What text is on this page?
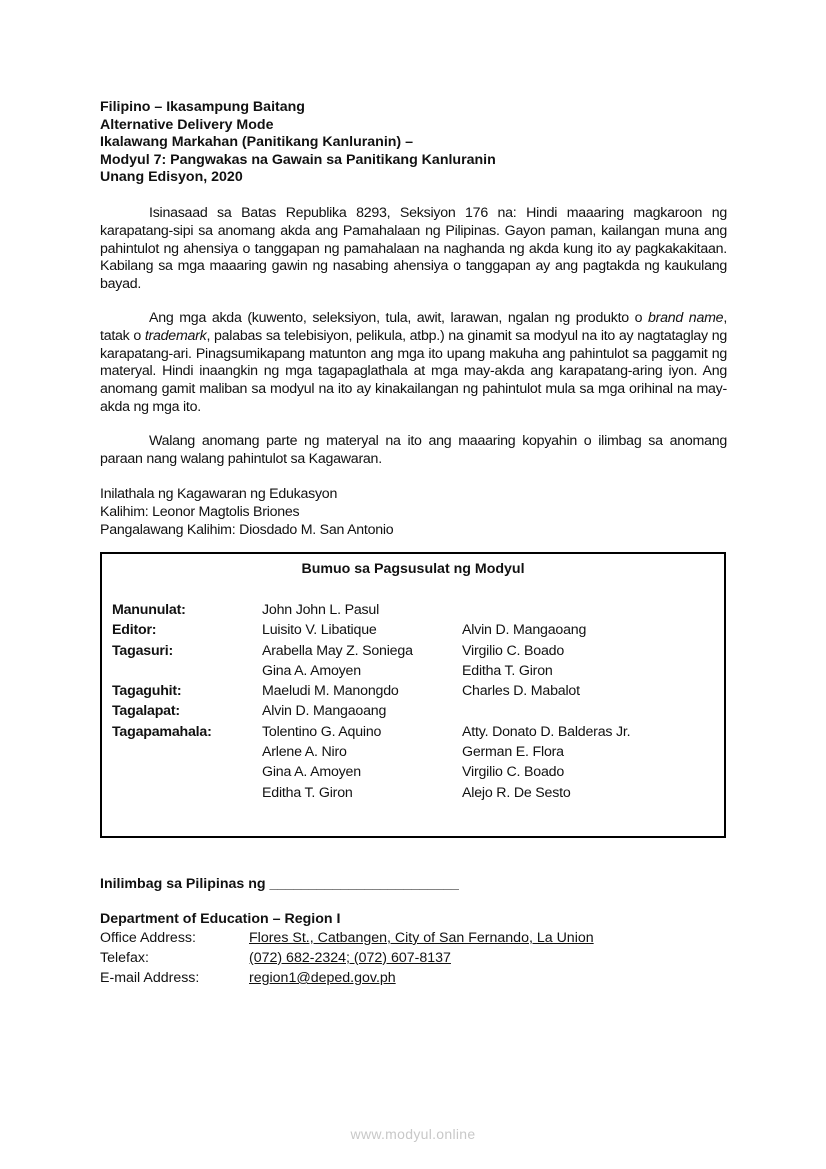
Filipino – Ikasampung Baitang
Alternative Delivery Mode
Ikalawang Markahan (Panitikang Kanluranin) –
Modyul 7: Pangwakas na Gawain sa Panitikang Kanluranin
Unang Edisyon, 2020
Isinasaad sa Batas Republika 8293, Seksiyon 176 na: Hindi maaaring magkaroon ng karapatang-sipi sa anomang akda ang Pamahalaan ng Pilipinas. Gayon paman, kailangan muna ang pahintulot ng ahensiya o tanggapan ng pamahalaan na naghanda ng akda kung ito ay pagkakakitaan. Kabilang sa mga maaaring gawin ng nasabing ahensiya o tanggapan ay ang pagtakda ng kaukulang bayad.
Ang mga akda (kuwento, seleksiyon, tula, awit, larawan, ngalan ng produkto o brand name, tatak o trademark, palabas sa telebisiyon, pelikula, atbp.) na ginamit sa modyul na ito ay nagtataglay ng karapatang-ari. Pinagsumikapang matunton ang mga ito upang makuha ang pahintulot sa paggamit ng materyal. Hindi inaangkin ng mga tagapaglathala at mga may-akda ang karapatang-aring iyon. Ang anomang gamit maliban sa modyul na ito ay kinakailangan ng pahintulot mula sa mga orihinal na may-akda ng mga ito.
Walang anomang parte ng materyal na ito ang maaaring kopyahin o ilimbag sa anomang paraan nang walang pahintulot sa Kagawaran.
Inilathala ng Kagawaran ng Edukasyon
Kalihim: Leonor Magtolis Briones
Pangalawang Kalihim: Diosdado M. San Antonio
Bumuo sa Pagsusulat ng Modyul
Manunulat:	John John L. Pasul
Editor:	Luisito V. Libatique	Alvin D. Mangaoang
Tagasuri:	Arabella May Z. Soniega	Virgilio C. Boado
Gina A. Amoyen	Editha T. Giron
Tagaguhit:	Maeludi M. Manongdo	Charles D. Mabalot
Tagalapat:	Alvin D. Mangaoang
Tagapamahala:	Tolentino G. Aquino	Atty. Donato D. Balderas Jr.
Arlene A. Niro	German E. Flora
Gina A. Amoyen	Virgilio C. Boado
Editha T. Giron	Alejo R. De Sesto
Inilimbag sa Pilipinas ng ________________________
Department of Education – Region I
Office Address:	Flores St., Catbangen, City of San Fernando, La Union
Telefax:	(072) 682-2324; (072) 607-8137
E-mail Address:	region1@deped.gov.ph
www.modyul.online
